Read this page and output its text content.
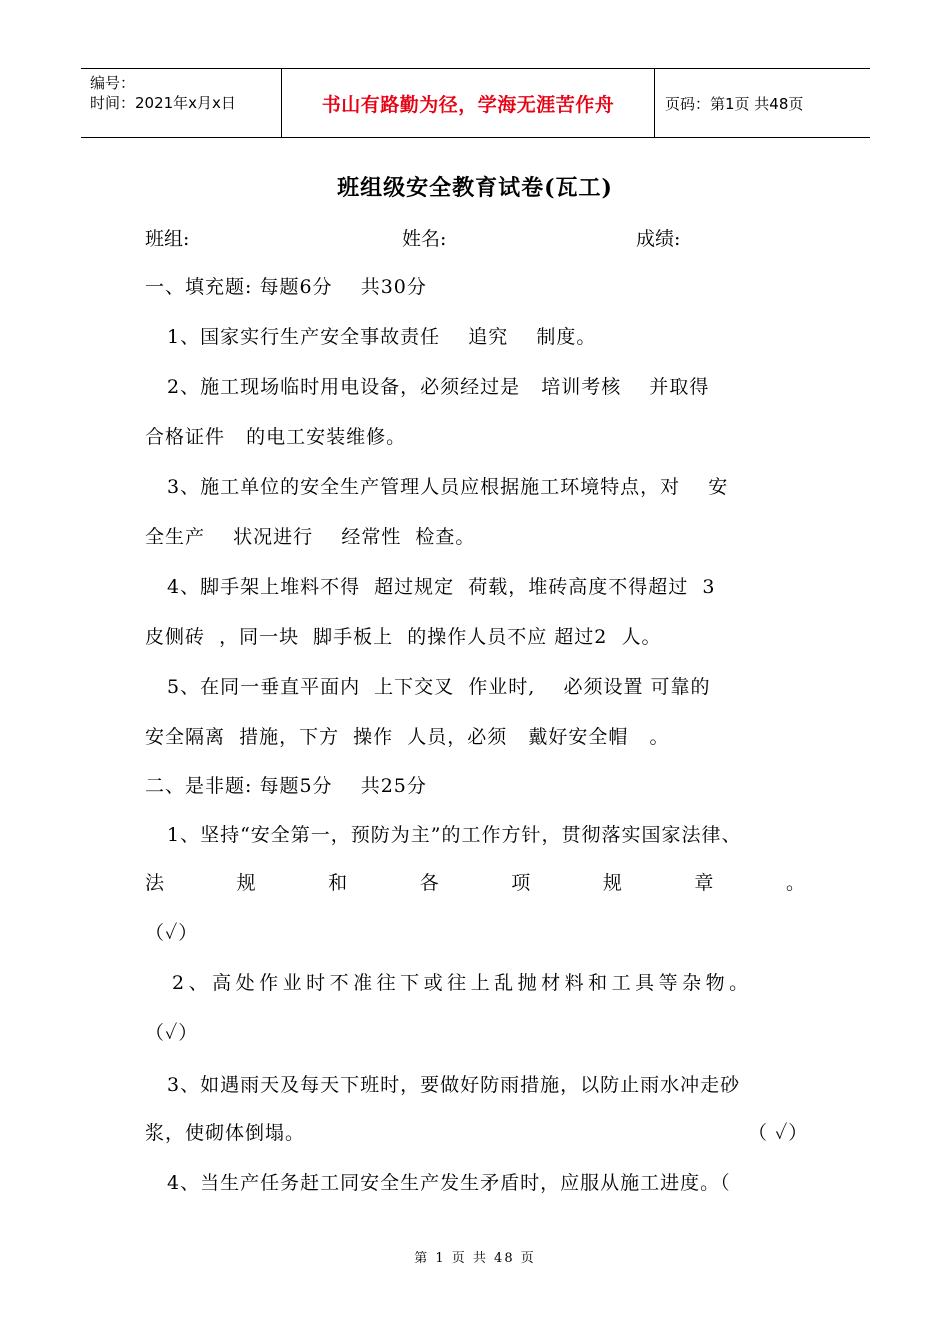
编号：
时间：2021年x月x日	书山有路勤为径，学海无涯苦作舟	页码：第1页 共48页
班组级安全教育试卷(瓦工)
班组:	姓名:	成绩:
一、填充题: 每题6分    共30分
1、国家实行生产安全事故责任    追究    制度。
2、施工现场临时用电设备，必须经过是   培训考核    并取得
合格证件   的电工安装维修。
3、施工单位的安全生产管理人员应根据施工环境特点，对    安
全生产    状况进行    经常性  检查。
4、脚手架上堆料不得  超过规定  荷载，堆砖高度不得超过  3
皮侧砖  ，同一块  脚手板上  的操作人员不应 超过2  人。
5、在同一垂直平面内  上下交叉  作业时,    必须设置 可靠的
安全隔离  措施，下方  操作  人员，必须   戴好安全帽   。
二、是非题: 每题5分    共25分
1、坚持“安全第一，预防为主”的工作方针，贯彻落实国家法律、
法	规	和	各	项	规	章	。
（✓）
2、高处作业时不准往下或往上乱抛材料和工具等杂物。
（✓）
3、如遇雨天及每天下班时，要做好防雨措施，以防止雨水冲走砂
浆，使砌体倒塌。	（ ✓）
4、当生产任务赶工同安全生产发生矛盾时，应服从施工进度。（
第 1 页 共 48 页
